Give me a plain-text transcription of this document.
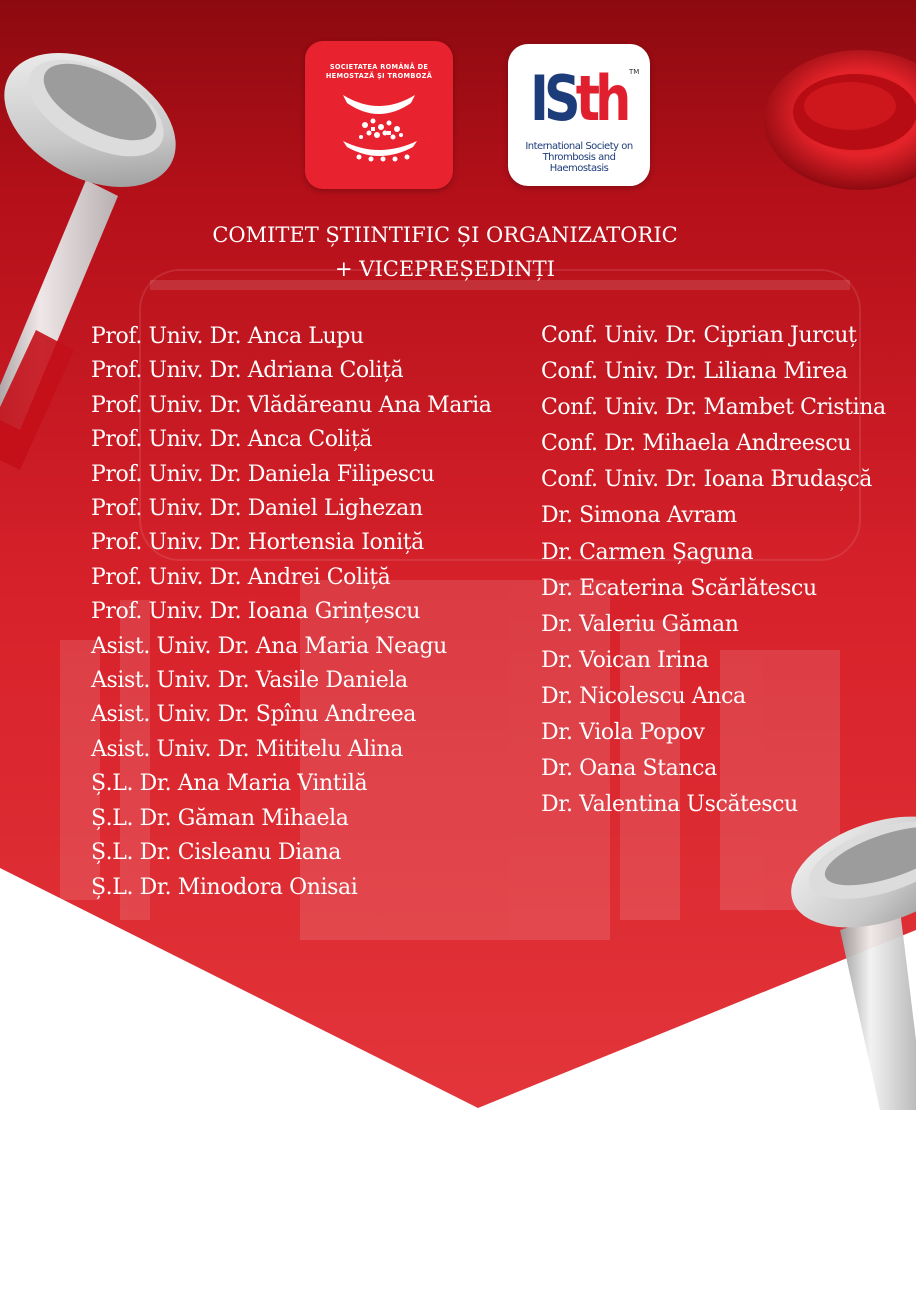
SOCIETATEA ROMÂNĂ DE
HEMOSTAZĂ ȘI TROMBOZĂ	ISth TM
International Society on
Thrombosis and Haemostasis
COMITET ȘTIINTIFIC ȘI ORGANIZATORIC
+ VICEPREȘEDINȚI
Prof. Univ. Dr. Anca Lupu
Prof. Univ. Dr. Adriana Coliță
Prof. Univ. Dr. Vlădăreanu Ana Maria
Prof. Univ. Dr. Anca Coliță
Prof. Univ. Dr. Daniela Filipescu
Prof. Univ. Dr. Daniel Lighezan
Prof. Univ. Dr. Hortensia Ioniță
Prof. Univ. Dr. Andrei Coliță
Prof. Univ. Dr. Ioana Grințescu
Asist. Univ. Dr. Ana Maria Neagu
Asist. Univ. Dr. Vasile Daniela
Asist. Univ. Dr. Spînu Andreea
Asist. Univ. Dr. Mititelu Alina
Ș.L. Dr. Ana Maria Vintilă
Ș.L. Dr. Găman Mihaela
Ș.L. Dr. Cisleanu Diana
Ș.L. Dr. Minodora Onisai
Conf. Univ. Dr. Ciprian Jurcuț
Conf. Univ. Dr. Liliana Mirea
Conf. Univ. Dr. Mambet Cristina
Conf. Dr. Mihaela Andreescu
Conf. Univ. Dr. Ioana Brudașcă
Dr. Simona Avram
Dr. Carmen Șaguna
Dr. Ecaterina Scărlătescu
Dr. Valeriu Găman
Dr. Voican Irina
Dr. Nicolescu Anca
Dr. Viola Popov
Dr. Oana Stanca
Dr. Valentina Uscătescu
